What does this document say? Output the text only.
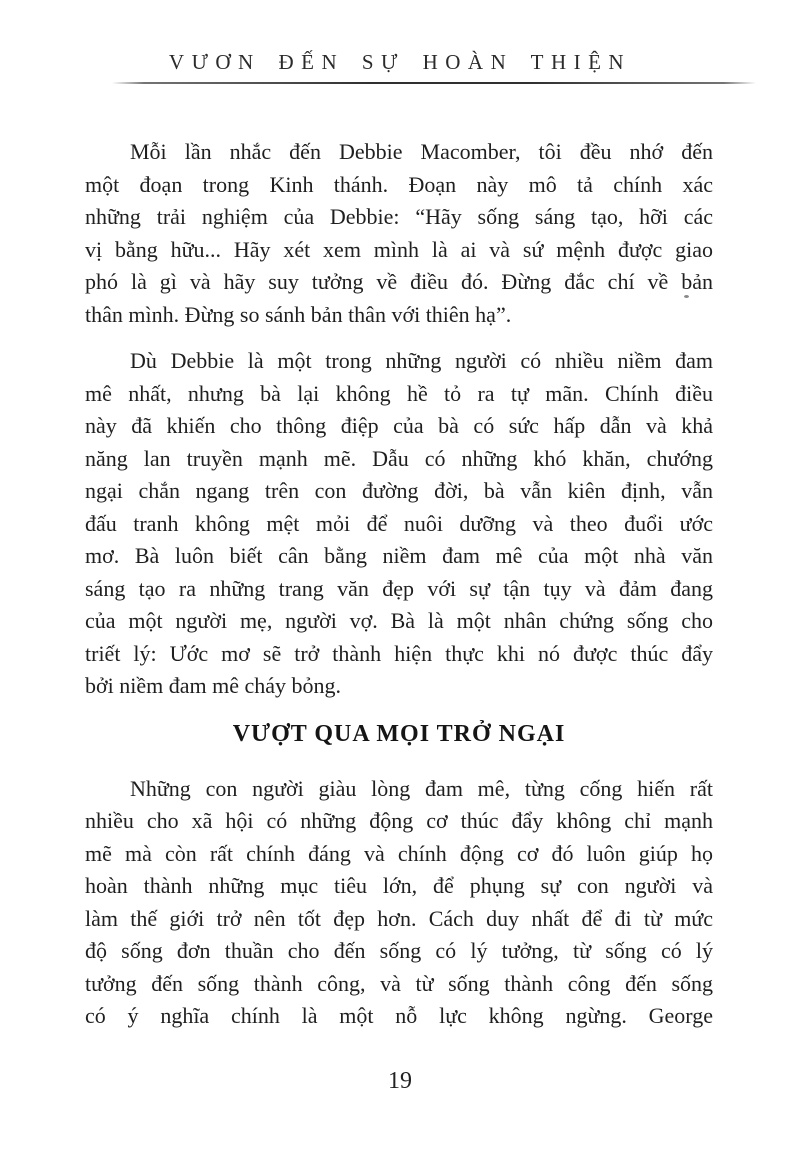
VƯƠN ĐẾN SỰ HOÀN THIỆN
Mỗi lần nhắc đến Debbie Macomber, tôi đều nhớ đến
một đoạn trong Kinh thánh. Đoạn này mô tả chính xác
những trải nghiệm của Debbie: “Hãy sống sáng tạo, hỡi các
vị bằng hữu... Hãy xét xem mình là ai và sứ mệnh được giao
phó là gì và hãy suy tưởng về điều đó. Đừng đắc chí về bản
thân mình. Đừng so sánh bản thân với thiên hạ”.
Dù Debbie là một trong những người có nhiều niềm đam
mê nhất, nhưng bà lại không hề tỏ ra tự mãn. Chính điều
này đã khiến cho thông điệp của bà có sức hấp dẫn và khả
năng lan truyền mạnh mẽ. Dẫu có những khó khăn, chướng
ngại chắn ngang trên con đường đời, bà vẫn kiên định, vẫn
đấu tranh không mệt mỏi để nuôi dưỡng và theo đuổi ước
mơ. Bà luôn biết cân bằng niềm đam mê của một nhà văn
sáng tạo ra những trang văn đẹp với sự tận tụy và đảm đang
của một người mẹ, người vợ. Bà là một nhân chứng sống cho
triết lý: Ước mơ sẽ trở thành hiện thực khi nó được thúc đẩy
bởi niềm đam mê cháy bỏng.
VƯỢT QUA MỌI TRỞ NGẠI
Những con người giàu lòng đam mê, từng cống hiến rất
nhiều cho xã hội có những động cơ thúc đẩy không chỉ mạnh
mẽ mà còn rất chính đáng và chính động cơ đó luôn giúp họ
hoàn thành những mục tiêu lớn, để phụng sự con người và
làm thế giới trở nên tốt đẹp hơn. Cách duy nhất để đi từ mức
độ sống đơn thuần cho đến sống có lý tưởng, từ sống có lý
tưởng đến sống thành công, và từ sống thành công đến sống
có ý nghĩa chính là một nỗ lực không ngừng. George
19
